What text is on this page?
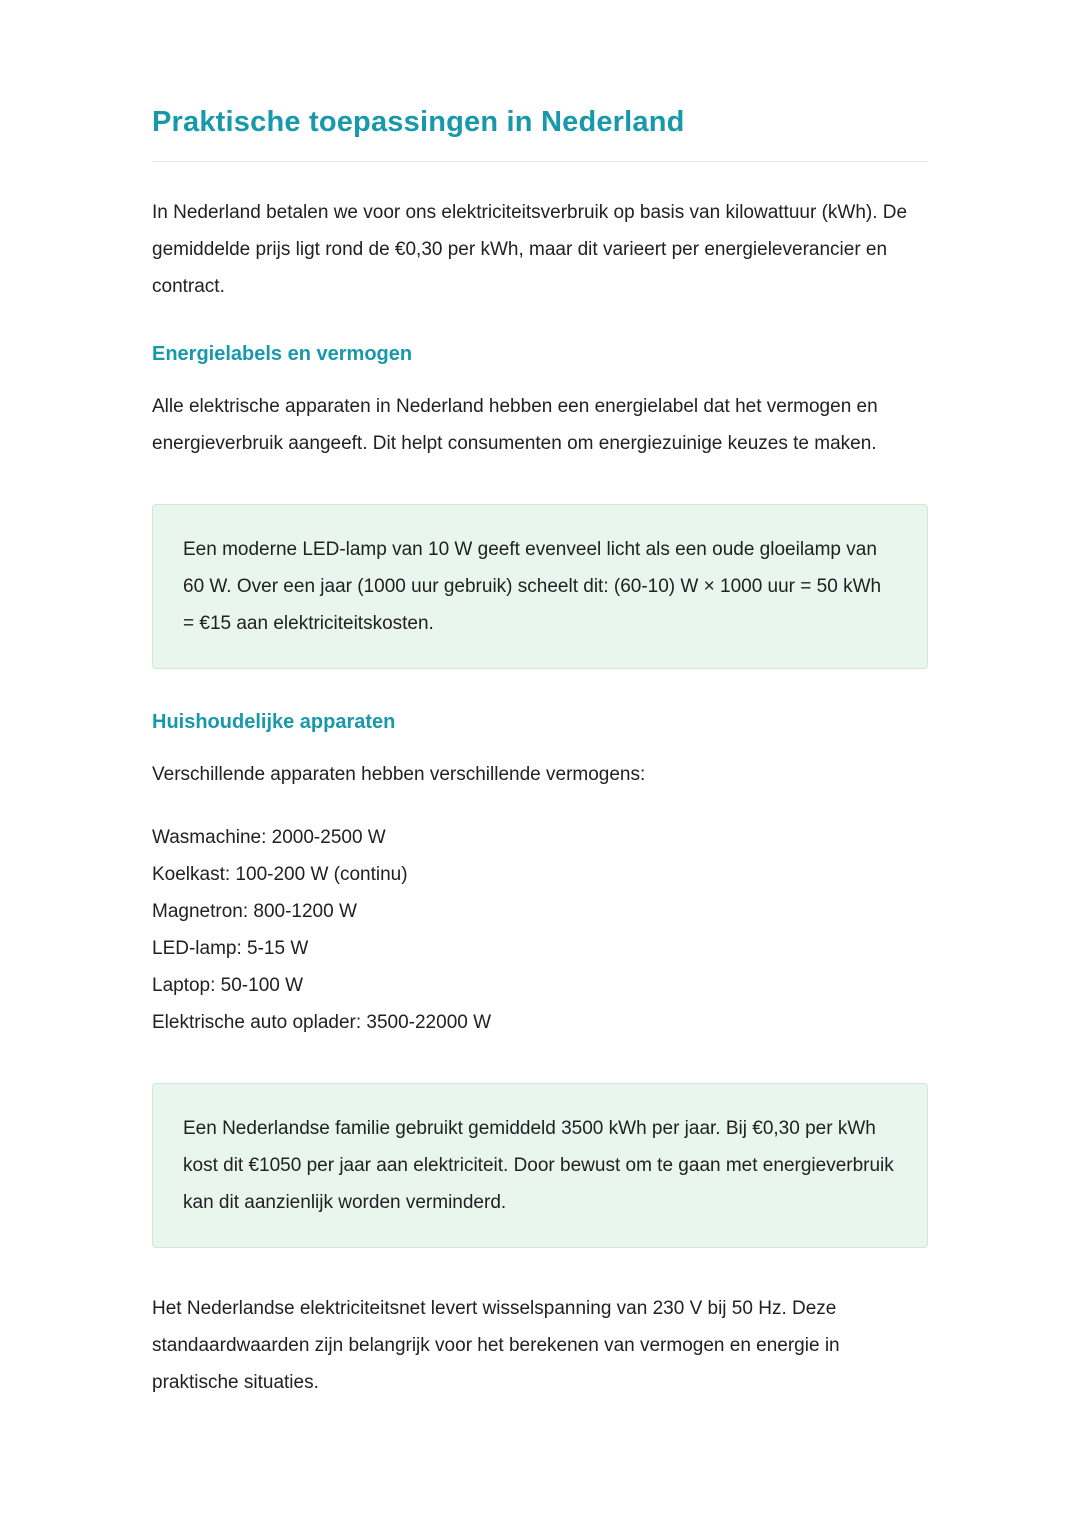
Praktische toepassingen in Nederland

In Nederland betalen we voor ons elektriciteitsverbruik op basis van kilowattuur (kWh). De gemiddelde prijs ligt rond de €0,30 per kWh, maar dit varieert per energieleverancier en contract.

Energielabels en vermogen

Alle elektrische apparaten in Nederland hebben een energielabel dat het vermogen en energieverbruik aangeeft. Dit helpt consumenten om energiezuinige keuzes te maken.

Een moderne LED-lamp van 10 W geeft evenveel licht als een oude gloeilamp van 60 W. Over een jaar (1000 uur gebruik) scheelt dit: (60-10) W × 1000 uur = 50 kWh = €15 aan elektriciteitskosten.

Huishoudelijke apparaten

Verschillende apparaten hebben verschillende vermogens:

Wasmachine: 2000-2500 W
Koelkast: 100-200 W (continu)
Magnetron: 800-1200 W
LED-lamp: 5-15 W
Laptop: 50-100 W
Elektrische auto oplader: 3500-22000 W

Een Nederlandse familie gebruikt gemiddeld 3500 kWh per jaar. Bij €0,30 per kWh kost dit €1050 per jaar aan elektriciteit. Door bewust om te gaan met energieverbruik kan dit aanzienlijk worden verminderd.

Het Nederlandse elektriciteitsnet levert wisselspanning van 230 V bij 50 Hz. Deze standaardwaarden zijn belangrijk voor het berekenen van vermogen en energie in praktische situaties.
